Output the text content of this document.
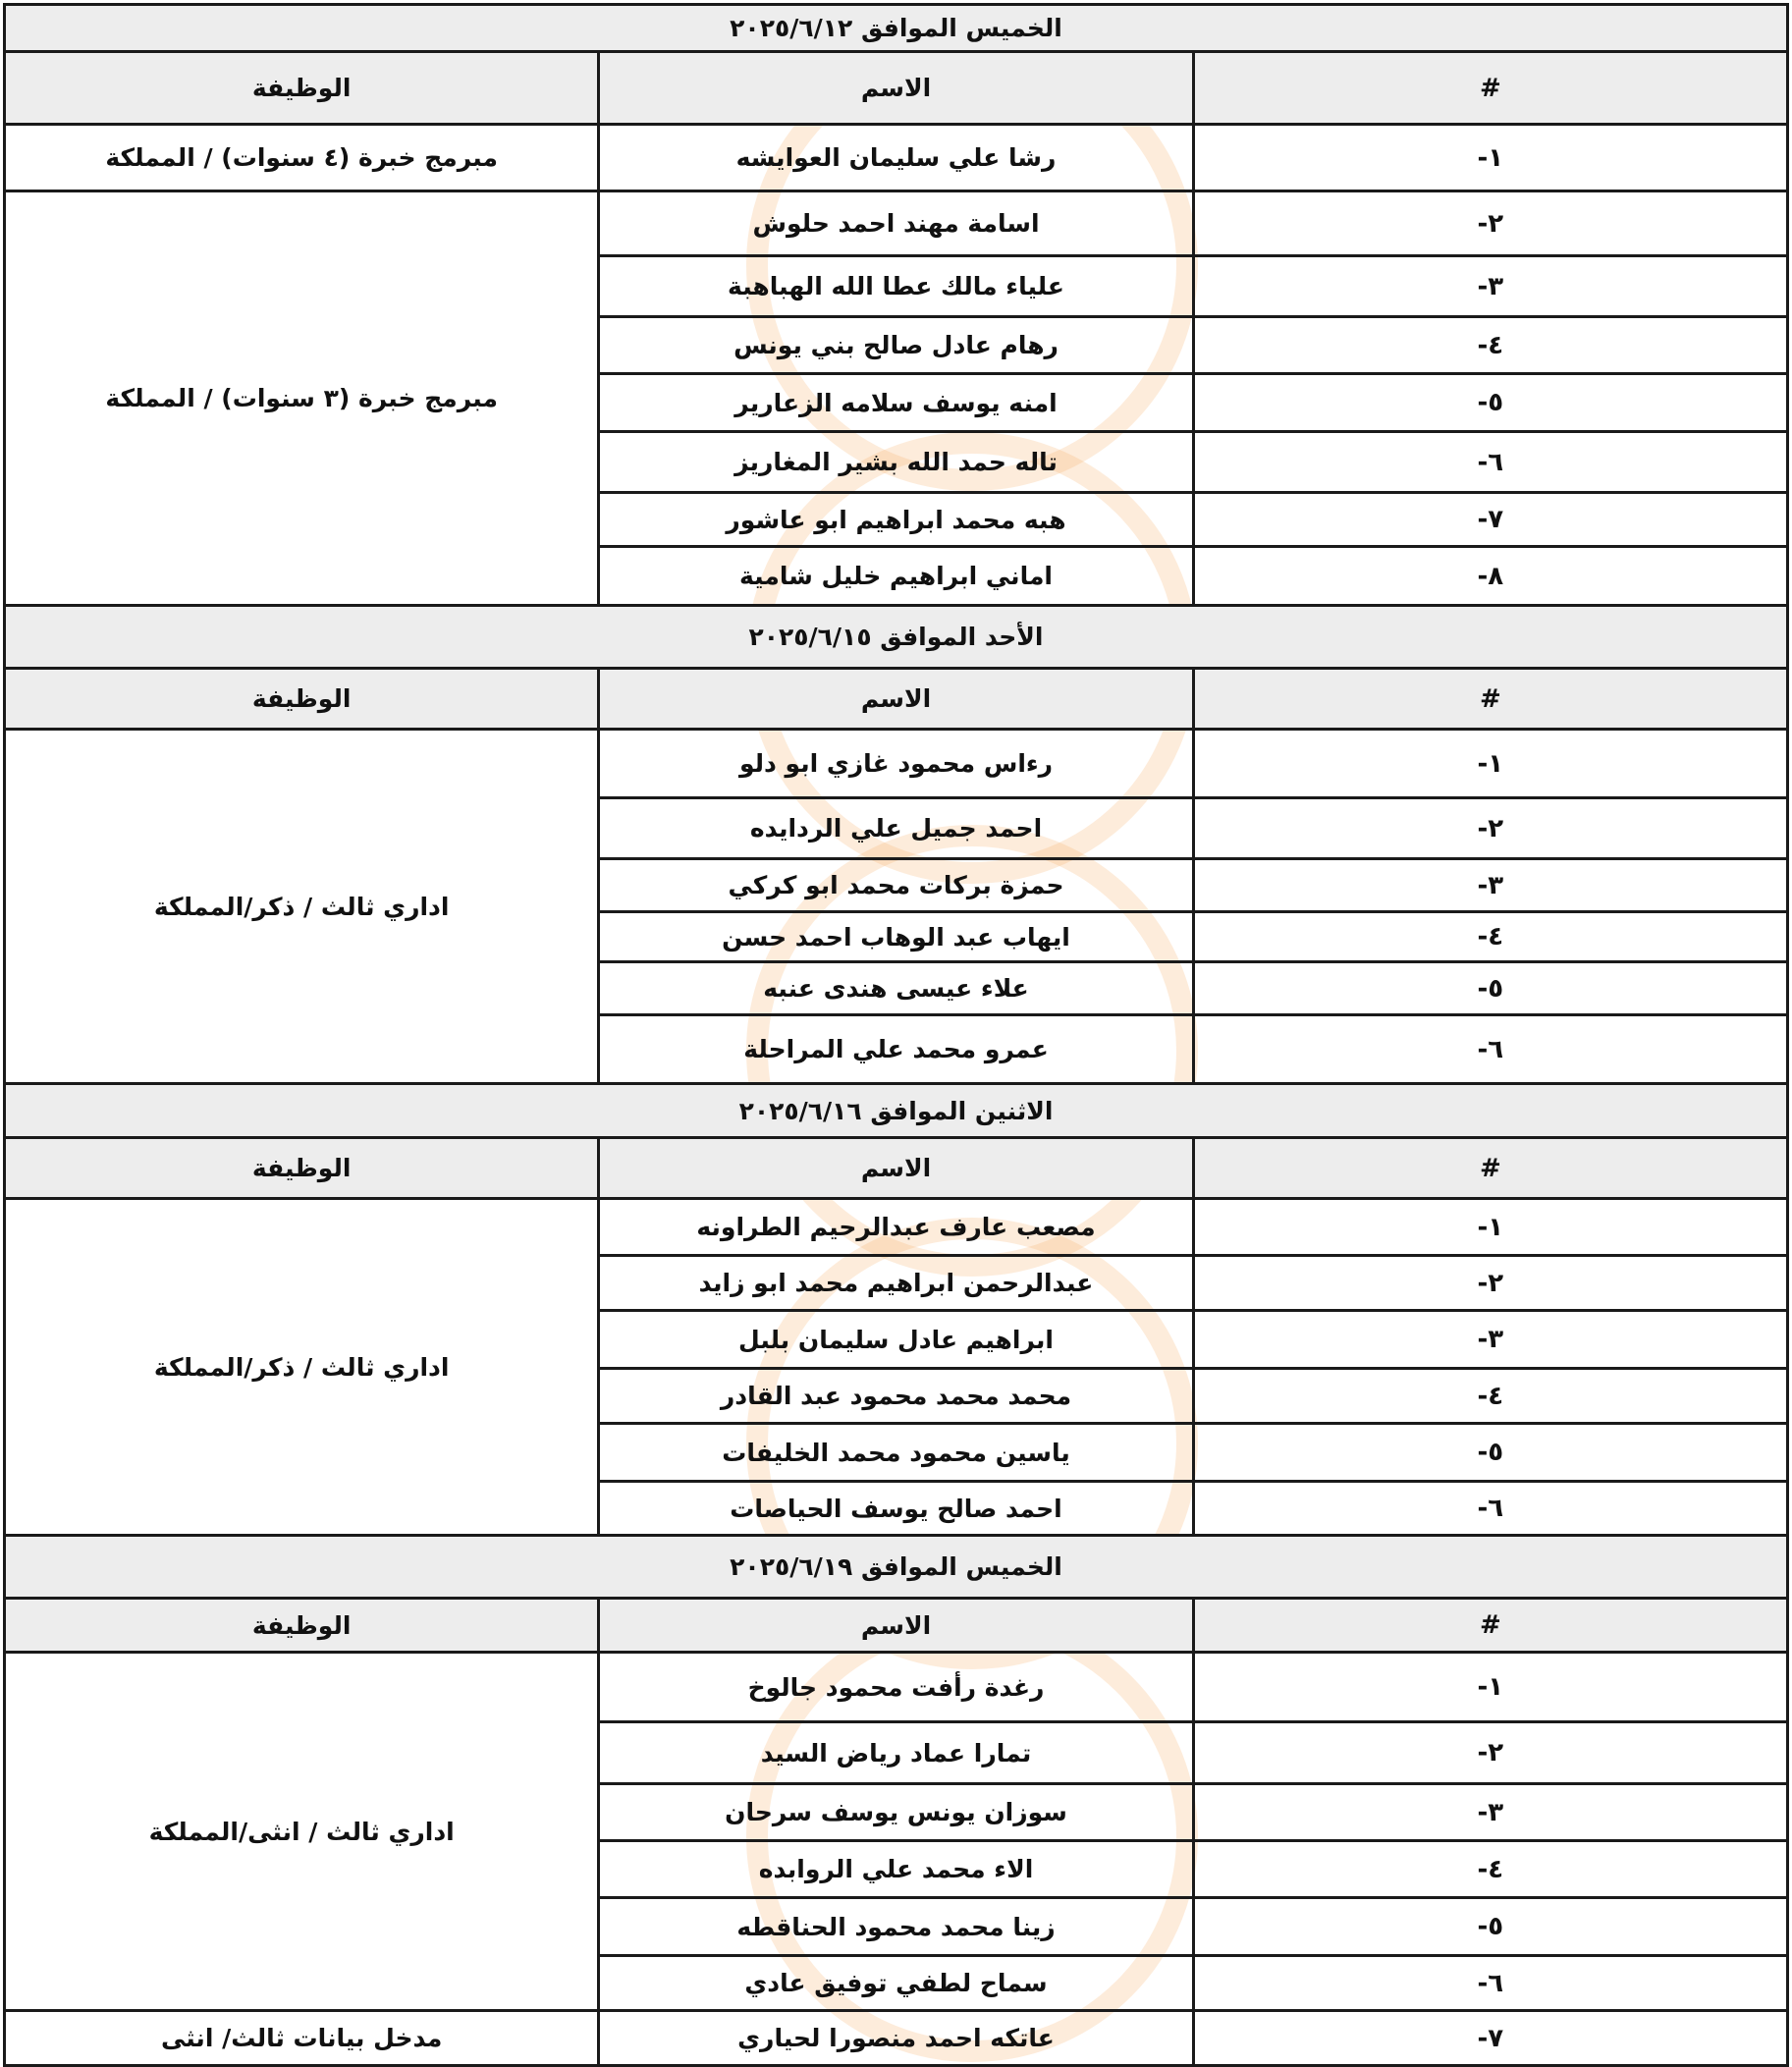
الخميس الموافق ٢٠٢٥/٦/١٢		
#	الاسم	الوظيفة
١-	رشا علي سليمان العوايشه	مبرمج خبرة (٤ سنوات) / المملكة
٢-	اسامة مهند احمد حلوش	مبرمج خبرة (٣ سنوات) / المملكة
٣-	علياء مالك عطا الله الهباهبة	
٤-	رهام عادل صالح بني يونس	
٥-	امنه يوسف سلامه الزعارير	
٦-	تاله حمد الله بشير المغاريز	
٧-	هبه محمد ابراهيم ابو عاشور	
٨-	اماني ابراهيم خليل شامية	
الأحد الموافق ٢٠٢٥/٦/١٥		
#	الاسم	الوظيفة
١-	رءاس محمود غازي ابو دلو	اداري ثالث / ذكر/المملكة
٢-	احمد جميل علي الردايده	
٣-	حمزة بركات محمد ابو كركي	
٤-	ايهاب عبد الوهاب احمد حسن	
٥-	علاء عيسى هندى عنبه	
٦-	عمرو محمد علي المراحلة	
الاثنين الموافق ٢٠٢٥/٦/١٦		
#	الاسم	الوظيفة
١-	مصعب عارف عبدالرحيم الطراونه	اداري ثالث / ذكر/المملكة
٢-	عبدالرحمن ابراهيم محمد ابو زايد	
٣-	ابراهيم عادل سليمان بلبل	
٤-	محمد محمد محمود عبد القادر	
٥-	ياسين محمود محمد الخليفات	
٦-	احمد صالح يوسف الحياصات	
الخميس الموافق ٢٠٢٥/٦/١٩		
#	الاسم	الوظيفة
١-	رغدة رأفت محمود جالوخ	اداري ثالث / انثى/المملكة
٢-	تمارا عماد رياض السيد	
٣-	سوزان يونس يوسف سرحان	
٤-	الاء محمد علي الروابده	
٥-	زينا محمد محمود الحناقطه	
٦-	سماح لطفي توفيق عادي	
٧-	عاتكه احمد منصورا لحياري	مدخل بيانات ثالث/ انثى
